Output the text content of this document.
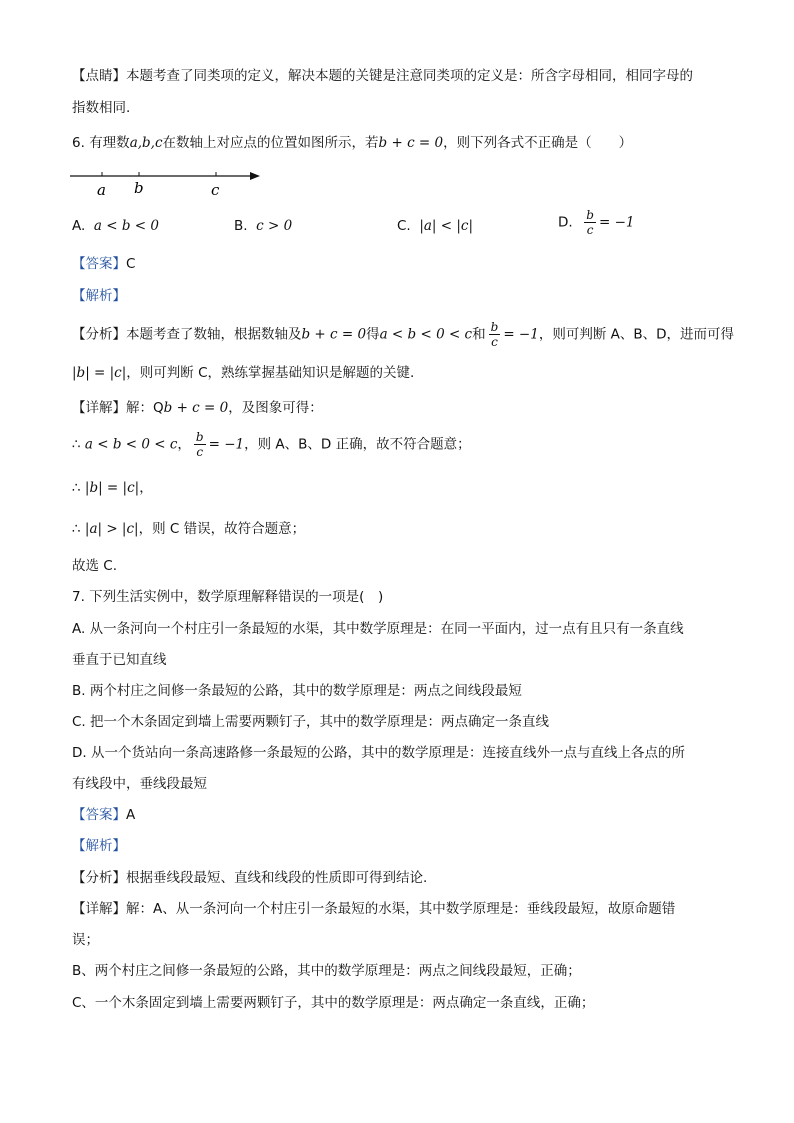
【点睛】本题考查了同类项的定义，解决本题的关键是注意同类项的定义是：所含字母相同，相同字母的
指数相同.
6. 有理数a,b,c在数轴上对应点的位置如图所示，若b + c = 0，则下列各式不正确是（　　）
a b	c
A. a < b < 0	B. c > 0	C. |a| < |c|	D. $\frac{b}{c} = -1$
【答案】C
【解析】
【分析】本题考查了数轴，根据数轴及b + c = 0得a < b < 0 < c和 $\frac{b}{c} = -1$，则可判断 A、B、D，进而可得
|b| = |c|，则可判断 C，熟练掌握基础知识是解题的关键.
【详解】解：Qb + c = 0，及图象可得：
∴ a < b < 0 < c， $\frac{b}{c} = -1$，则 A、B、D 正确，故不符合题意；
∴ |b| = |c|，
∴ |a| > |c|，则 C 错误，故符合题意；
故选 C.
7. 下列生活实例中，数学原理解释错误的一项是(　)
A. 从一条河向一个村庄引一条最短的水渠，其中数学原理是：在同一平面内，过一点有且只有一条直线
垂直于已知直线
B. 两个村庄之间修一条最短的公路，其中的数学原理是：两点之间线段最短
C. 把一个木条固定到墙上需要两颗钉子，其中的数学原理是：两点确定一条直线
D. 从一个货站向一条高速路修一条最短的公路，其中的数学原理是：连接直线外一点与直线上各点的所
有线段中，垂线段最短
【答案】A
【解析】
【分析】根据垂线段最短、直线和线段的性质即可得到结论.
【详解】解：A、从一条河向一个村庄引一条最短的水渠，其中数学原理是：垂线段最短，故原命题错
误；
B、两个村庄之间修一条最短的公路，其中的数学原理是：两点之间线段最短，正确；
C、一个木条固定到墙上需要两颗钉子，其中的数学原理是：两点确定一条直线，正确；
